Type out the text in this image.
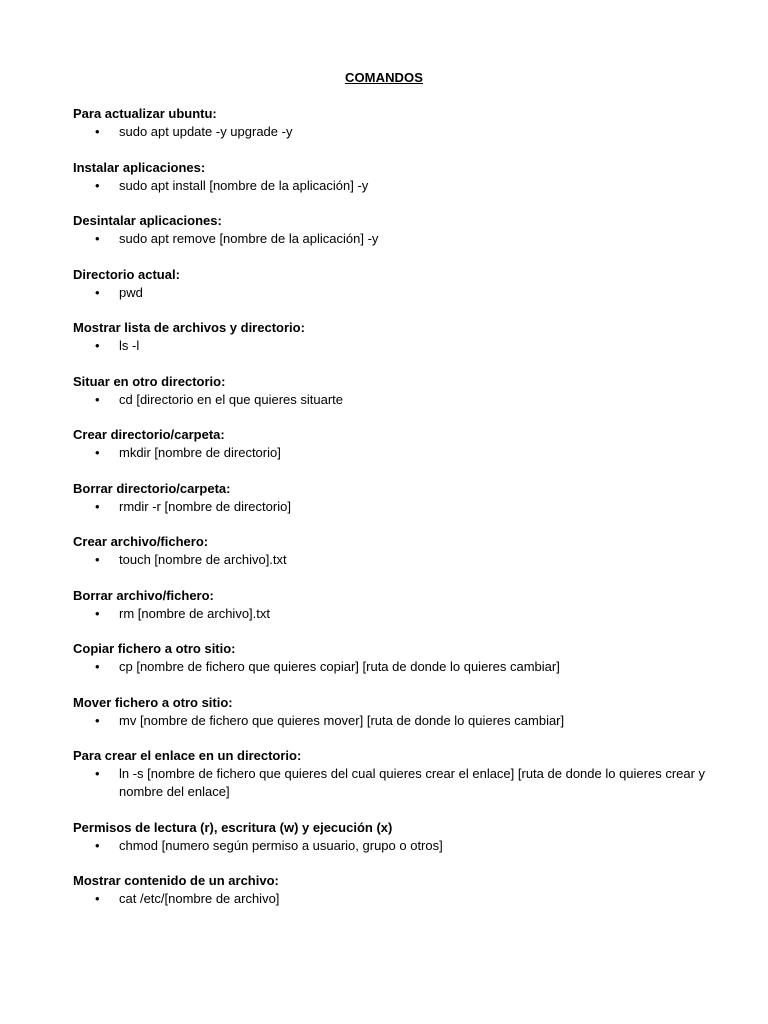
COMANDOS
Para actualizar ubuntu:
• sudo apt update -y upgrade -y
Instalar aplicaciones:
• sudo apt install [nombre de la aplicación] -y
Desintalar aplicaciones:
• sudo apt remove [nombre de la aplicación] -y
Directorio actual:
• pwd
Mostrar lista de archivos y directorio:
• ls -l
Situar en otro directorio:
• cd [directorio en el que quieres situarte
Crear directorio/carpeta:
• mkdir [nombre de directorio]
Borrar directorio/carpeta:
• rmdir -r [nombre de directorio]
Crear archivo/fichero:
• touch [nombre de archivo].txt
Borrar archivo/fichero:
• rm [nombre de archivo].txt
Copiar fichero a otro sitio:
• cp [nombre de fichero que quieres copiar] [ruta de donde lo quieres cambiar]
Mover fichero a otro sitio:
• mv [nombre de fichero que quieres mover] [ruta de donde lo quieres cambiar]
Para crear el enlace en un directorio:
• ln -s [nombre de fichero que quieres del cual quieres crear el enlace] [ruta de donde lo quieres crear y nombre del enlace]
Permisos de lectura (r), escritura (w) y ejecución (x)
• chmod [numero según permiso a usuario, grupo o otros]
Mostrar contenido de un archivo:
• cat /etc/[nombre de archivo]
